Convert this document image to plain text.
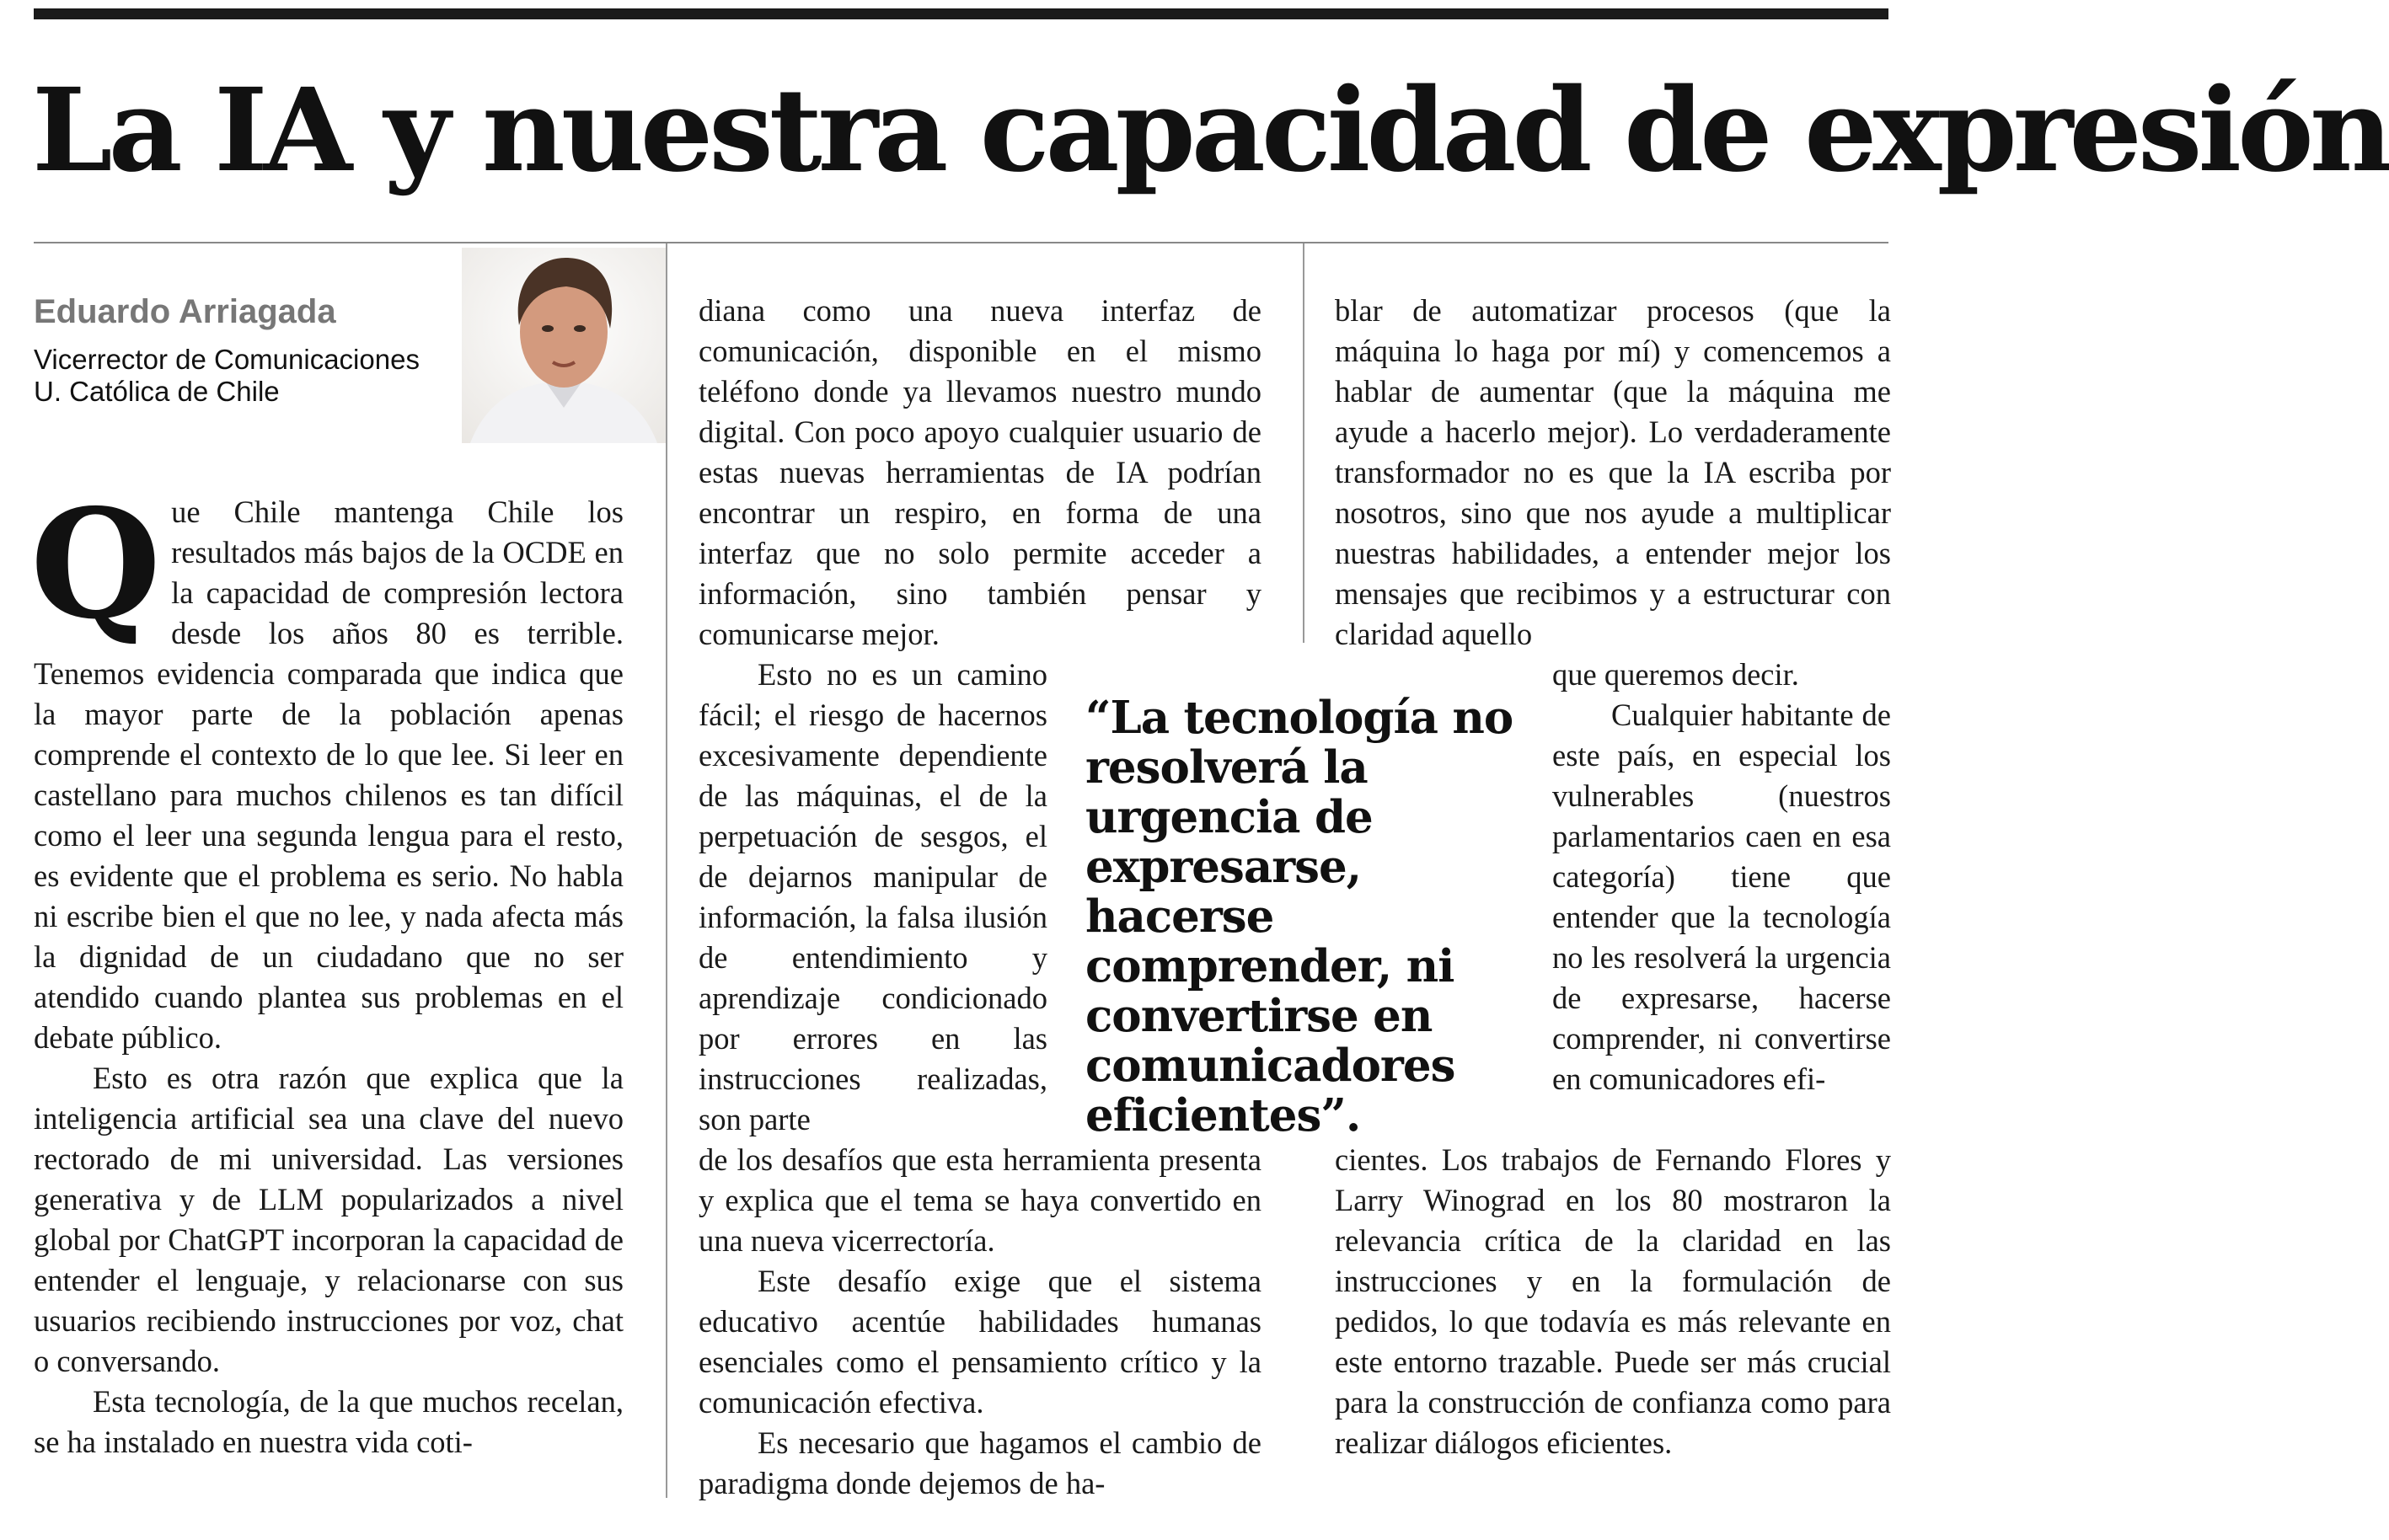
La IA y nuestra capacidad de expresión
Eduardo Arriagada

Vicerrector de Comunicaciones

U. Católica de Chile

Que Chile mantenga Chile los resultados más bajos de la OCDE en la capacidad de compresión lectora desde los años 80 es terrible. Tenemos evidencia comparada que indica que la mayor parte de la población apenas comprende el contexto de lo que lee. Si leer en castellano para muchos chilenos es tan difícil como el leer una segunda lengua para el resto, es evidente que el problema es serio. No habla ni escribe bien el que no lee, y nada afecta más la dignidad de un ciudadano que no ser atendido cuando plantea sus problemas en el debate público.

Esto es otra razón que explica que la inteligencia artificial sea una clave del nuevo rectorado de mi universidad. Las versiones generativa y de LLM popularizados a nivel global por ChatGPT incorporan la capacidad de entender el lenguaje, y relacionarse con sus usuarios recibiendo instrucciones por voz, chat o conversando.

Esta tecnología, de la que muchos recelan, se ha instalado en nuestra vida coti-

diana como una nueva interfaz de comunicación, disponible en el mismo teléfono donde ya llevamos nuestro mundo digital. Con poco apoyo cualquier usuario de estas nuevas herramientas de IA podrían encontrar un respiro, en forma de una interfaz que no solo permite acceder a información, sino también pensar y comunicarse mejor.

Esto no es un camino fácil; el riesgo de hacernos excesivamente dependiente de las máquinas, el de la perpetuación de sesgos, el de dejarnos manipular de información, la falsa ilusión de entendimiento y aprendizaje condicionado por errores en las instrucciones realizadas, son parte

de los desafíos que esta herramienta presenta y explica que el tema se haya convertido en una nueva vicerrectoría.

Este desafío exige que el sistema educativo acentúe habilidades humanas esenciales como el pensamiento crítico y la comunicación efectiva.

Es necesario que hagamos el cambio de paradigma donde dejemos de ha-

blar de automatizar procesos (que la máquina lo haga por mí) y comencemos a hablar de aumentar (que la máquina me ayude a hacerlo mejor). Lo verdaderamente transformador no es que la IA escriba por nosotros, sino que nos ayude a multiplicar nuestras habilidades, a entender mejor los mensajes que recibimos y a estructurar con claridad aquello

que queremos decir.

Cualquier habitante de este país, en especial los vulnerables (nuestros parlamentarios caen en esa categoría) tiene que entender que la tecnología no les resolverá la urgencia de expresarse, hacerse comprender, ni convertirse en comunicadores efi-

cientes. Los trabajos de Fernando Flores y Larry Winograd en los 80 mostraron la relevancia crítica de la claridad en las instrucciones y en la formulación de pedidos, lo que todavía es más relevante en este entorno trazable. Puede ser más crucial para la construcción de confianza como para realizar diálogos eficientes.

“La tecnología no resolverá la urgencia de expresarse, hacerse comprender, ni convertirse en comunicadores eficientes”.
